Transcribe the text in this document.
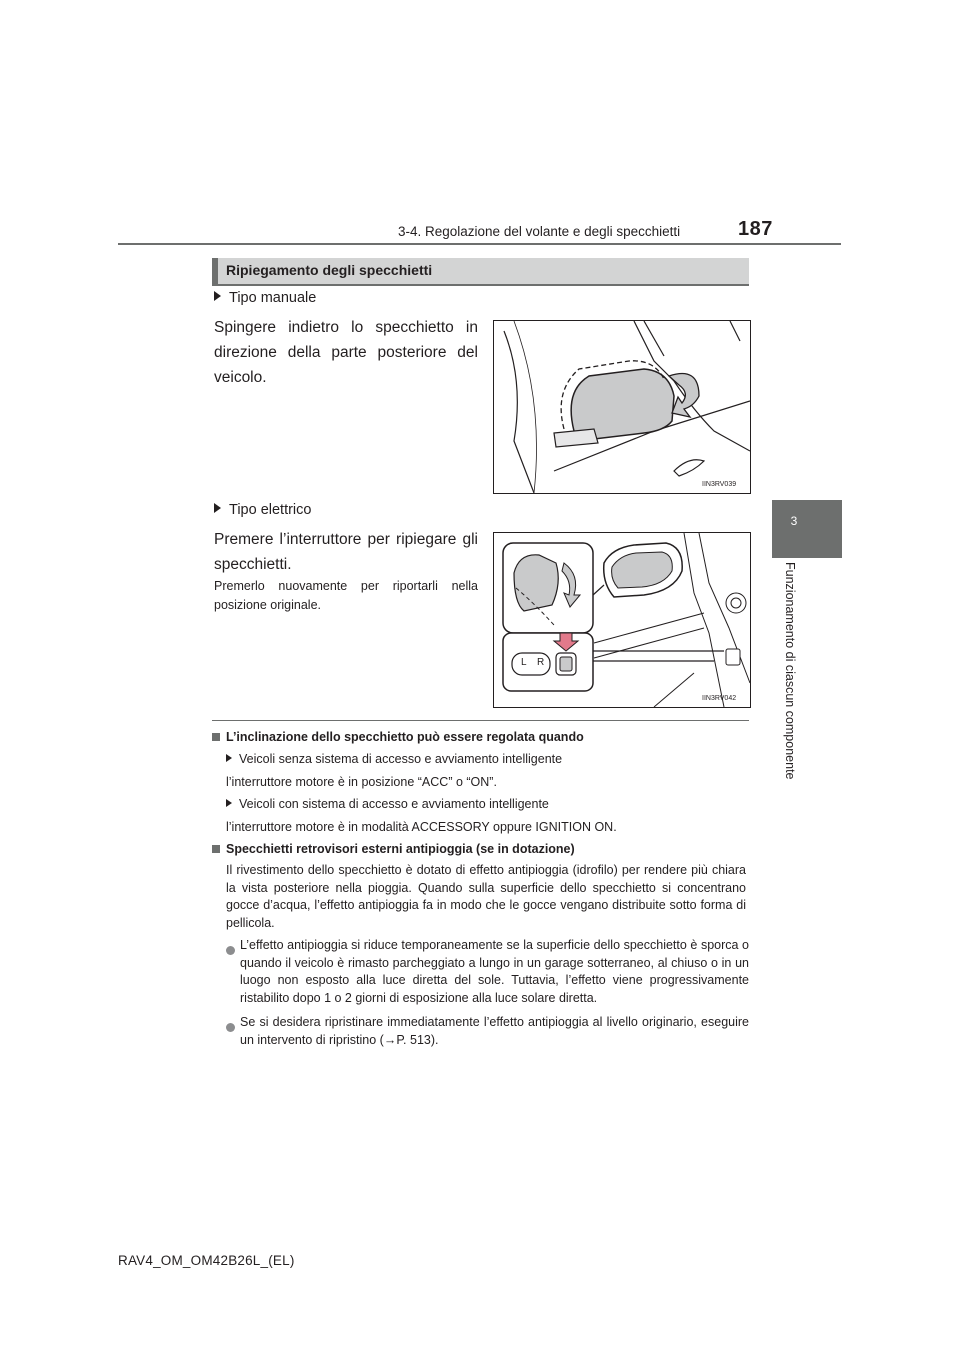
3-4. Regolazione del volante e degli specchietti	187
3
Funzionamento di ciascun componente
Ripiegamento degli specchietti
Tipo manuale
Spingere indietro lo specchietto in direzione della parte posteriore del veicolo.
IIN3RV039
Tipo elettrico
Premere l’interruttore per ripiegare gli specchietti.
Premerlo nuovamente per riportarli nella posizione originale.
L R
IIN3RV042
L’inclinazione dello specchietto può essere regolata quando
Veicoli senza sistema di accesso e avviamento intelligente
l’interruttore motore è in posizione “ACC” o “ON”.
Veicoli con sistema di accesso e avviamento intelligente
l’interruttore motore è in modalità ACCESSORY oppure IGNITION ON.
Specchietti retrovisori esterni antipioggia (se in dotazione)
Il rivestimento dello specchietto è dotato di effetto antipioggia (idrofilo) per rendere più chiara la vista posteriore nella pioggia. Quando sulla superficie dello specchietto si concentrano gocce d’acqua, l’effetto antipioggia fa in modo che le gocce vengano distribuite sotto forma di pellicola.
L’effetto antipioggia si riduce temporaneamente se la superficie dello specchietto è sporca o quando il veicolo è rimasto parcheggiato a lungo in un garage sotterraneo, al chiuso o in un luogo non esposto alla luce diretta del sole. Tuttavia, l’effetto viene progressivamente ristabilito dopo 1 o 2 giorni di esposizione alla luce solare diretta.
Se si desidera ripristinare immediatamente l’effetto antipioggia al livello originario, eseguire un intervento di ripristino (→P. 513).
RAV4_OM_OM42B26L_(EL)
